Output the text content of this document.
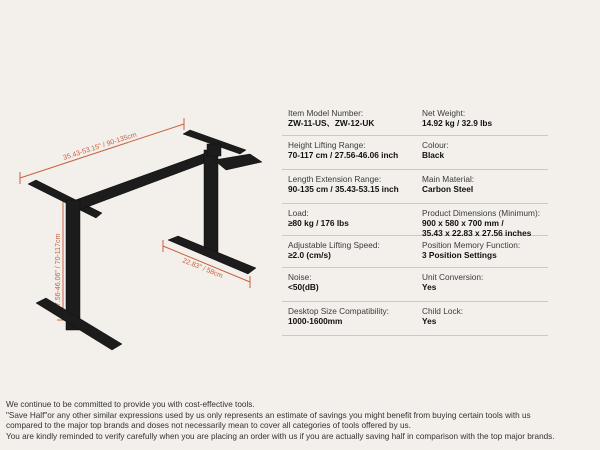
35.43-53.15" / 90-135cm
27.56-46.06" / 70-117cm	22.83" / 58cm
Item Model Number:
ZW-11-US、ZW-12-UK
Net Weight:
14.92 kg / 32.9 lbs
Height Lifting Range:
70-117 cm / 27.56-46.06 inch
Colour:
Black
Length Extension Range:
90-135 cm / 35.43-53.15 inch
Main Material:
Carbon Steel
Load:
≥80 kg / 176 lbs
Product Dimensions (Minimum):
900 x 580 x 700 mm /
35.43 x 22.83 x 27.56 inches
Adjustable Lifting Speed:
≥2.0 (cm/s)
Position Memory Function:
3 Position Settings
Noise:
<50(dB)
Unit Conversion:
Yes
Desktop Size Compatibility:
1000-1600mm
Child Lock:
Yes

We continue to be committed to provide you with cost-effective tools.

"Save Half"or any other similar expressions used by us only represents an estimate of savings you might benefit from buying certain tools with us

compared to the major top brands and doses not necessarily mean to cover all categories of tools offered by us.

You are kindly reminded to verify carefully when you are placing an order with us if you are actually saving half in comparison with the top major brands.
